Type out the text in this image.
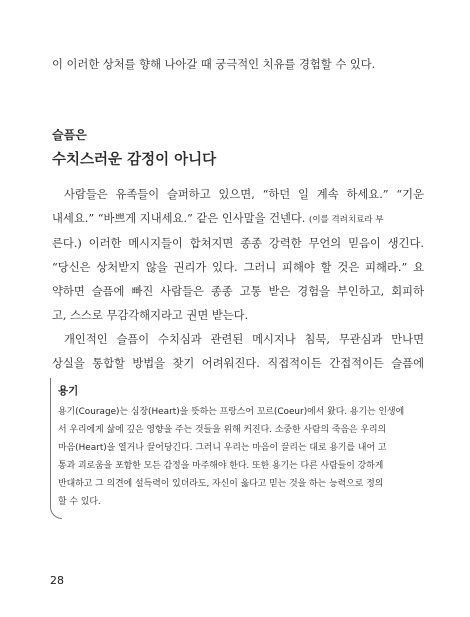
이 이러한 상처를 향해 나아갈 때 궁극적인 치유를 경험할 수 있다.
슬픔은
수치스러운 감정이 아니다
사람들은 유족들이 슬퍼하고 있으면, “하던 일 계속 하세요.” “기운
내세요.” “바쁘게 지내세요.” 같은 인사말을 건넨다. (이를 격려치료라 부
른다.) 이러한 메시지들이 합쳐지면 종종 강력한 무언의 믿음이 생긴다.
“당신은 상처받지 않을 권리가 있다. 그러니 피해야 할 것은 피해라.” 요
약하면 슬픔에 빠진 사람들은 종종 고통 받은 경험을 부인하고, 회피하
고, 스스로 무감각해지라고 권면 받는다.
개인적인 슬픔이 수치심과 관련된 메시지나 침묵, 무관심과 만나면
상실을 통합할 방법을 찾기 어려워진다. 직접적이든 간접적이든 슬픔에
용기
용기(Courage)는 심장(Heart)을 뜻하는 프랑스어 꼬르(Coeur)에서 왔다. 용기는 인생에
서 우리에게 삶에 깊은 영향을 주는 것들을 위해 커진다. 소중한 사람의 죽음은 우리의
마음(Heart)을 열거나 끌어당긴다. 그러니 우리는 마음이 끌리는 대로 용기를 내어 고
통과 괴로움을 포함한 모든 감정을 마주해야 한다. 또한 용기는 다른 사람들이 강하게
반대하고 그 의견에 설득력이 있더라도, 자신이 옳다고 믿는 것을 하는 능력으로 정의
할 수 있다.
28
